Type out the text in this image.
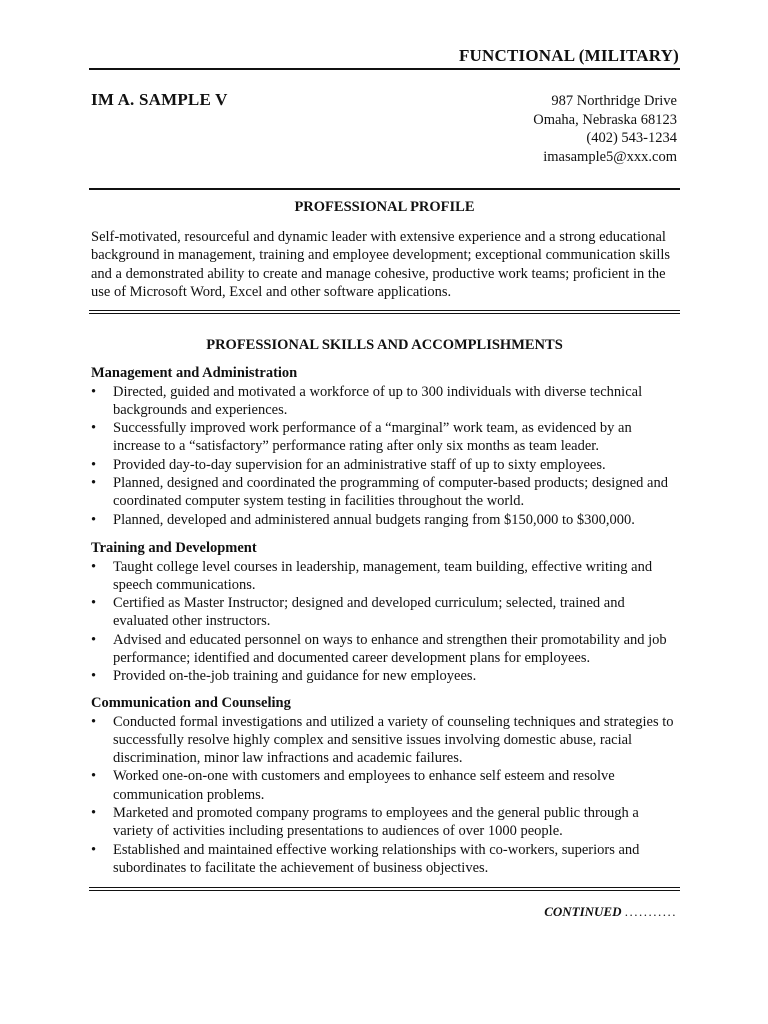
FUNCTIONAL (MILITARY)
IM A. SAMPLE V	987 Northridge Drive
Omaha, Nebraska 68123
(402) 543-1234
imasample5@xxx.com
PROFESSIONAL PROFILE

Self-motivated, resourceful and dynamic leader with extensive experience and a strong educational background in management, training and employee development; exceptional communication skills and a demonstrated ability to create and manage cohesive, productive work teams; proficient in the use of Microsoft Word, Excel and other software applications.

PROFESSIONAL SKILLS AND ACCOMPLISHMENTS
Management and Administration
• Directed, guided and motivated a workforce of up to 300 individuals with diverse technical backgrounds and experiences.
• Successfully improved work performance of a “marginal” work team, as evidenced by an increase to a “satisfactory” performance rating after only six months as team leader.
• Provided day-to-day supervision for an administrative staff of up to sixty employees.
• Planned, designed and coordinated the programming of computer-based products; designed and coordinated computer system testing in facilities throughout the world.
• Planned, developed and administered annual budgets ranging from $150,000 to $300,000.
Training and Development
• Taught college level courses in leadership, management, team building, effective writing and speech communications.
• Certified as Master Instructor; designed and developed curriculum; selected, trained and evaluated other instructors.
• Advised and educated personnel on ways to enhance and strengthen their promotability and job performance; identified and documented career development plans for employees.
• Provided on-the-job training and guidance for new employees.
Communication and Counseling
• Conducted formal investigations and utilized a variety of counseling techniques and strategies to successfully resolve highly complex and sensitive issues involving domestic abuse, racial discrimination, minor law infractions and academic failures.
• Worked one-on-one with customers and employees to enhance self esteem and resolve communication problems.
• Marketed and promoted company programs to employees and the general public through a variety of activities including presentations to audiences of over 1000 people.
• Established and maintained effective working relationships with co-workers, superiors and subordinates to facilitate the achievement of business objectives.
CONTINUED ...........
